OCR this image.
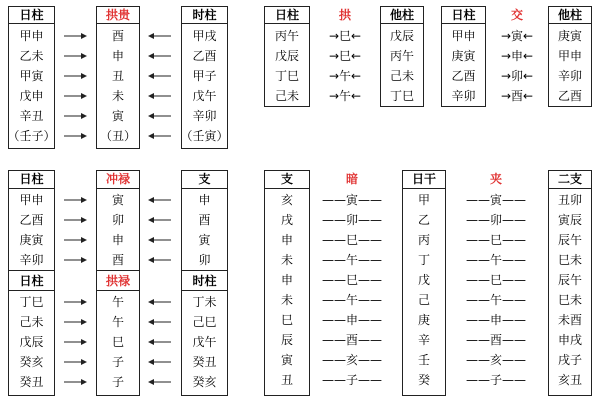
日柱	拱贵	时柱
甲申	酉	甲戌
乙未	申	乙酉
甲寅	丑	甲子
戊申	未	戊午
辛丑	寅	辛卯
（壬子）	（丑）	（壬寅）
日柱	拱	他柱
丙午	→巳←	戊辰
戊辰	→巳←	丙午
丁巳	→午←	己未
己未	→午←	丁巳
日柱	交	他柱
甲申	→寅←	庚寅
庚寅	→申←	甲申
乙酉	→卯←	辛卯
辛卯	→酉←	乙酉
日柱	冲禄	支
甲申	寅	申
乙酉	卯	酉
庚寅	申	寅
辛卯	酉	卯
日柱	拱禄	时柱
丁巳	午	丁未
己未	午	己巳
戊辰	巳	戊午
癸亥	子	癸丑
癸丑	子	癸亥
支	暗
亥	——寅——
戌	——卯——
申	——巳——
未	——午——
申	——巳——
未	——午——
巳	——申——
辰	——酉——
寅	——亥——
丑	——子——
日干	夹	二支
甲	——寅——	丑卯
乙	——卯——	寅辰
丙	——巳——	辰午
丁	——午——	巳未
戊	——巳——	辰午
己	——午——	巳未
庚	——申——	未酉
辛	——酉——	申戌
壬	——亥——	戌子
癸	——子——	亥丑
